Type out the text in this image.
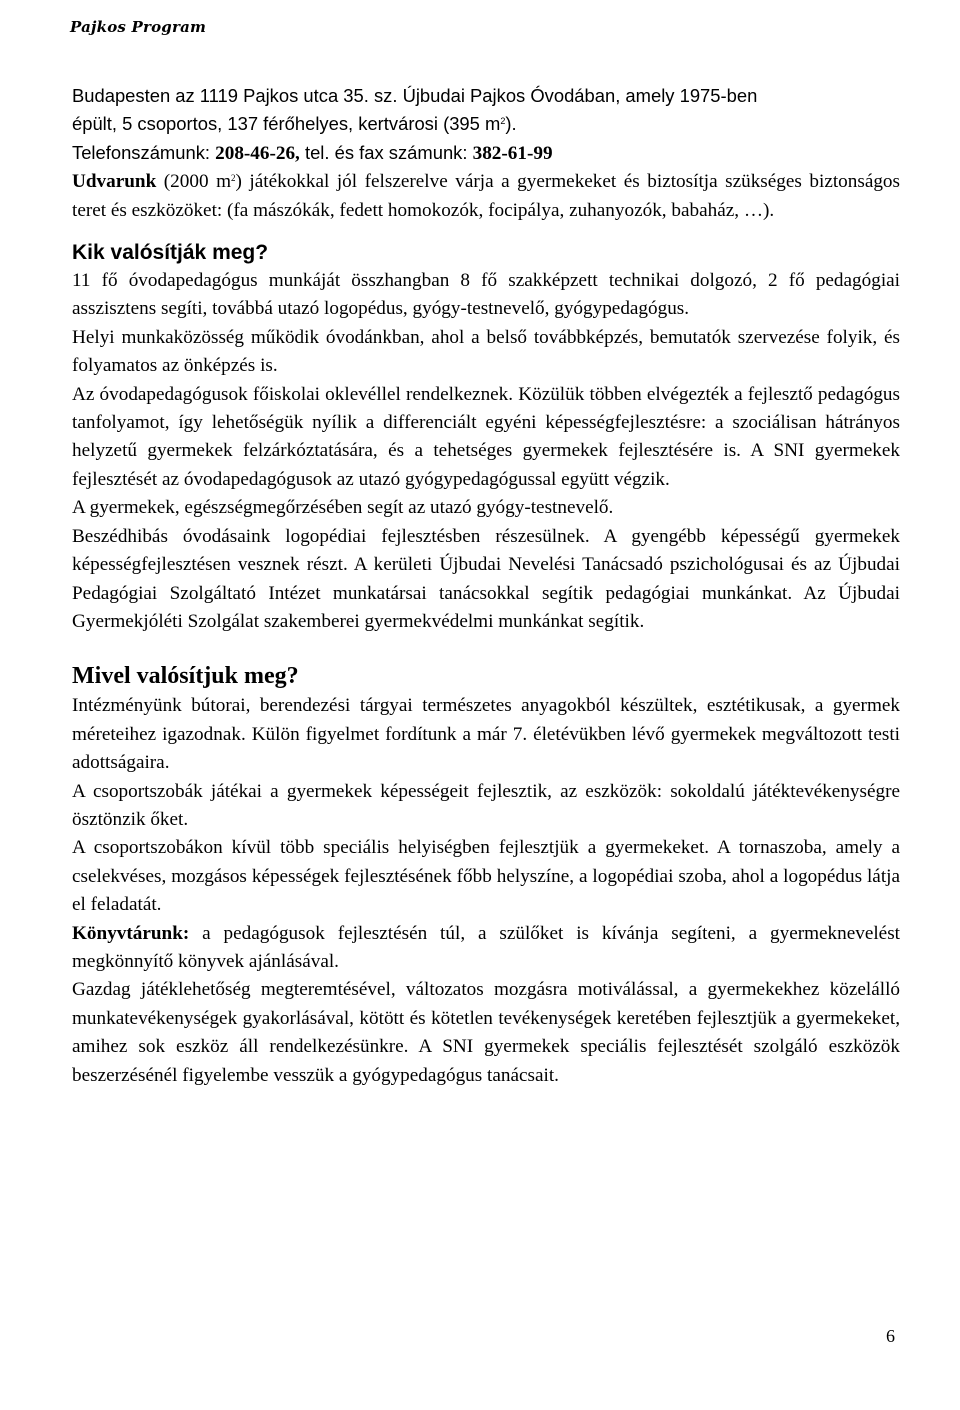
Pajkos Program
Budapesten az 1119 Pajkos utca 35. sz. Újbudai Pajkos Óvodában, amely 1975-ben
épült, 5 csoportos, 137 férőhelyes, kertvárosi (395 $m^2$).
Telefonszámunk: 208-46-26, tel. és fax számunk: 382-61-99
Udvarunk (2000 $m^2$) játékokkal jól felszerelve várja a gyermekeket és biztosítja szükséges biztonságos teret és eszközöket: (fa mászókák, fedett homokozók, focipálya, zuhanyozók, babaház, …).
Kik valósítják meg?
11 fő óvodapedagógus munkáját összhangban 8 fő szakképzett technikai dolgozó, 2 fő pedagógiai asszisztens segíti, továbbá utazó logopédus, gyógy-testnevelő, gyógypedagógus.
Helyi munkaközösség működik óvodánkban, ahol a belső továbbképzés, bemutatók szervezése folyik, és folyamatos az önképzés is.
Az óvodapedagógusok főiskolai oklevéllel rendelkeznek. Közülük többen elvégezték a fejlesztő pedagógus tanfolyamot, így lehetőségük nyílik a differenciált egyéni képességfejlesztésre: a szociálisan hátrányos helyzetű gyermekek felzárkóztatására, és a tehetséges gyermekek fejlesztésére is. A SNI gyermekek fejlesztését az óvodapedagógusok az utazó gyógypedagógussal együtt végzik.
A gyermekek, egészségmegőrzésében segít az utazó gyógy-testnevelő.
Beszédhibás óvodásaink logopédiai fejlesztésben részesülnek. A gyengébb képességű gyermekek képességfejlesztésen vesznek részt. A kerületi Újbudai Nevelési Tanácsadó pszichológusai és az Újbudai Pedagógiai Szolgáltató Intézet munkatársai tanácsokkal segítik pedagógiai munkánkat. Az Újbudai Gyermekjóléti Szolgálat szakemberei gyermekvédelmi munkánkat segítik.
Mivel valósítjuk meg?
Intézményünk bútorai, berendezési tárgyai természetes anyagokból készültek, esztétikusak, a gyermek méreteihez igazodnak. Külön figyelmet fordítunk a már 7. életévükben lévő gyermekek megváltozott testi adottságaira.
A csoportszobák játékai a gyermekek képességeit fejlesztik, az eszközök: sokoldalú játéktevékenységre ösztönzik őket.
A csoportszobákon kívül több speciális helyiségben fejlesztjük a gyermekeket. A tornaszoba, amely a cselekvéses, mozgásos képességek fejlesztésének főbb helyszíne, a logopédiai szoba, ahol a logopédus látja el feladatát.
Könyvtárunk: a pedagógusok fejlesztésén túl, a szülőket is kívánja segíteni, a gyermeknevelést megkönnyítő könyvek ajánlásával.
Gazdag játéklehetőség megteremtésével, változatos mozgásra motiválással, a gyermekekhez közelálló munkatevékenységek gyakorlásával, kötött és kötetlen tevékenységek keretében fejlesztjük a gyermekeket, amihez sok eszköz áll rendelkezésünkre. A SNI gyermekek speciális fejlesztését szolgáló eszközök beszerzésénél figyelembe vesszük a gyógypedagógus tanácsait.
6
